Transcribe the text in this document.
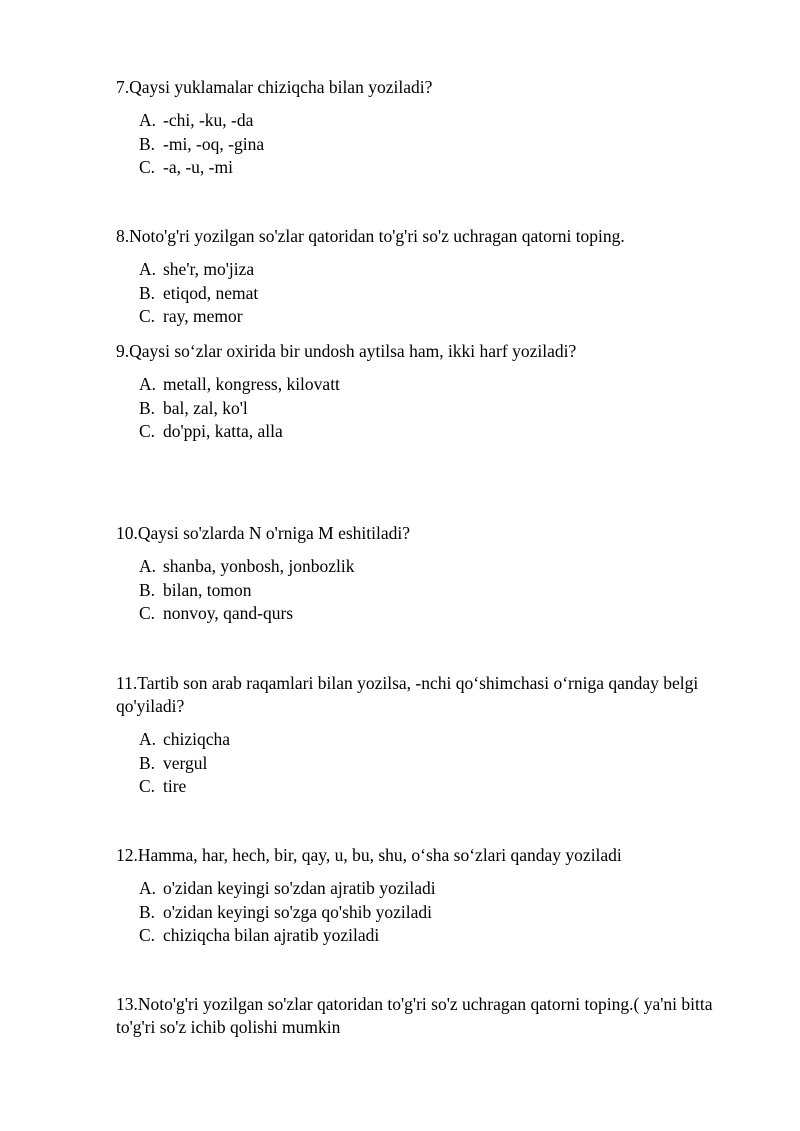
7.Qaysi yuklamalar chiziqcha bilan yoziladi?

A. -chi, -ku, -da
B. -mi, -oq, -gina
C. -a, -u, -mi

8.Noto'g'ri yozilgan so'zlar qatoridan to'g'ri so'z uchragan qatorni toping.

A. she'r, mo'jiza
B. etiqod, nemat
C. ray, memor

9.Qaysi so‘zlar oxirida bir undosh aytilsa ham, ikki harf yoziladi?

A. metall, kongress, kilovatt
B. bal, zal, ko'l
C. do'ppi, katta, alla

10.Qaysi so'zlarda N o'rniga M eshitiladi?

A. shanba, yonbosh, jonbozlik
B. bilan, tomon
C. nonvoy, qand-qurs

11.Tartib son arab raqamlari bilan yozilsa, -nchi qo‘shimchasi o‘rniga qanday belgi qo'yiladi?

A. chiziqcha
B. vergul
C. tire

12.Hamma, har, hech, bir, qay, u, bu, shu, o‘sha so‘zlari qanday yoziladi

A. o'zidan keyingi so'zdan ajratib yoziladi
B. o'zidan keyingi so'zga qo'shib yoziladi
C. chiziqcha bilan ajratib yoziladi

13.Noto'g'ri yozilgan so'zlar qatoridan to'g'ri so'z uchragan qatorni toping.( ya'ni bitta to'g'ri so'z ichib qolishi mumkin
